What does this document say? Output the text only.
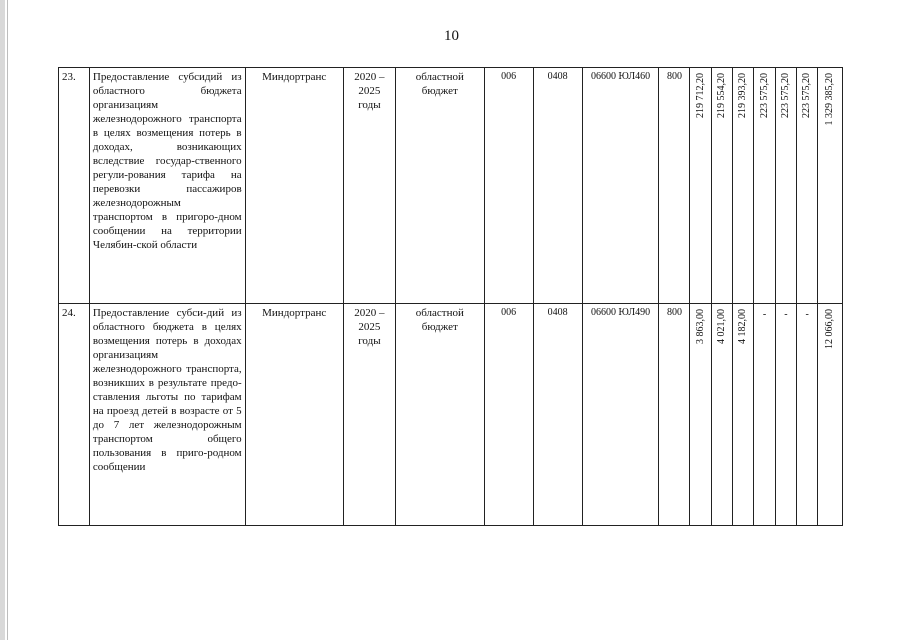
10
23.	Предоставление субсидий из областного бюджета организациям железнодорожного транспорта в целях возмещения потерь в доходах, возникающих вследствие государ-ственного регули-рования тарифа на перевозки пассажиров железнодорожным транспортом в пригоро-дном сообщении на территории Челябин-ской области	Миндортранс	2020 – 2025 годы	областной бюджет	006	0408	06600 ЮЛ460	800	219 712,20	219 554,20	219 393,20	223 575,20	223 575,20	223 575,20	1 329 385,20

24.	Предоставление субси-дий из областного бюджета в целях возмещения потерь в доходах организациям железнодорожного транспорта, возникших в результате предо-ставления льготы по тарифам на проезд детей в возрасте от 5 до 7 лет железнодорожным транспортом общего пользования в приго-родном сообщении	Миндортранс	2020 – 2025 годы	областной бюджет	006	0408	06600 ЮЛ490	800	3 863,00	4 021,00	4 182,00	-	-	-	12 066,00
